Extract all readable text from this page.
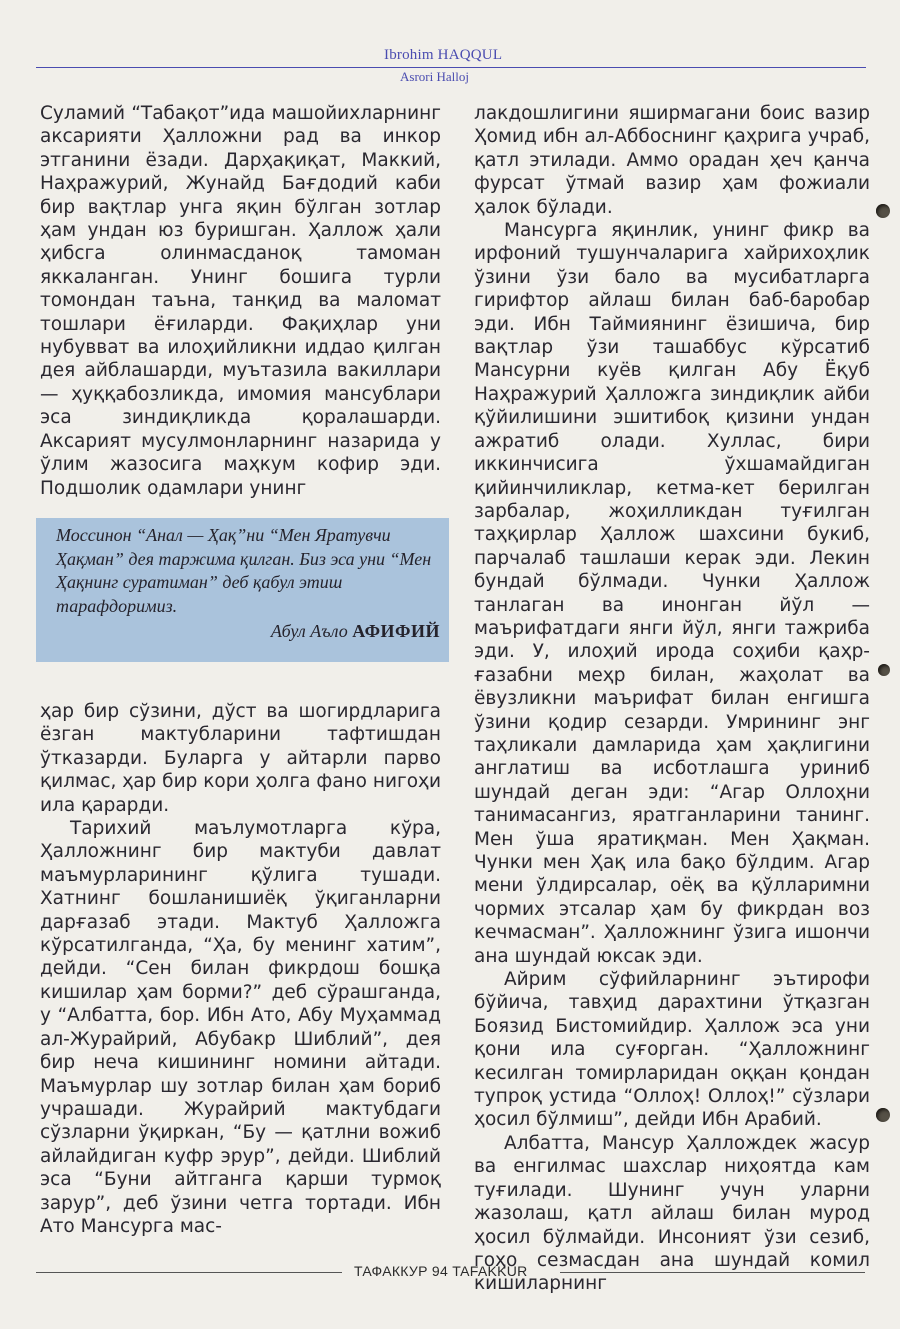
Ibrohim HAQQUL
Asrori Halloj

Суламий “Табақот”ида машойихларнинг аксарияти Ҳалложни рад ва инкор этганини ёзади. Дарҳақиқат, Маккий, Наҳражурий, Жунайд Бағдодий каби бир вақтлар унга яқин бўлган зотлар ҳам ундан юз буришган. Ҳаллож ҳали ҳибсга олинмасданоқ тамоман яккаланган. Унинг бошига турли томондан таъна, танқид ва маломат тошлари ёғиларди. Фақиҳлар уни нубувват ва илоҳийликни иддао қилган дея айблашарди, муътазила вакиллари — ҳуққабозликда, имомия мансублари эса зиндиқликда қоралашарди. Аксарият мусулмонларнинг назарида у ўлим жазосига маҳкум кофир эди. Подшолик одамлари унинг

Моссинон “Анал — Ҳақ”ни “Мен Яратувчи Ҳақман” дея таржима қилган. Биз эса уни “Мен Ҳақнинг суратиман” деб қабул этиш тарафдоримиз.
Абул Аъло АФИФИЙ

ҳар бир сўзини, дўст ва шогирдларига ёзган мактубларини тафтишдан ўтказарди. Буларга у айтарли парво қилмас, ҳар бир кори ҳолга фано нигоҳи ила қарарди.

Тарихий маълумотларга кўра, Ҳалложнинг бир мактуби давлат маъмурларининг қўлига тушади. Хатнинг бошланишиёқ ўқиганларни дарғазаб этади. Мактуб Ҳалложга кўрсатилганда, “Ҳа, бу менинг хатим”, дейди. “Сен билан фикрдош бошқа кишилар ҳам борми?” деб сўрашганда, у “Албатта, бор. Ибн Ато, Абу Муҳаммад ал-Журайрий, Абубакр Шиблий”, дея бир неча кишининг номини айтади. Маъмурлар шу зотлар билан ҳам бориб учрашади. Журайрий мактубдаги сўзларни ўқиркан, “Бу — қатлни вожиб айлайдиган куфр эрур”, дейди. Шиблий эса “Буни айтганга қарши турмоқ зарур”, деб ўзини четга тортади. Ибн Ато Мансурга мас-

лакдошлигини яширмагани боис вазир Ҳомид ибн ал-Аббоснинг қаҳрига учраб, қатл этилади. Аммо орадан ҳеч қанча фурсат ўтмай вазир ҳам фожиали ҳалок бўлади.

Мансурга яқинлик, унинг фикр ва ирфоний тушунчаларига хайрихоҳлик ўзини ўзи бало ва мусибатларга гирифтор айлаш билан баб-баробар эди. Ибн Таймиянинг ёзишича, бир вақтлар ўзи ташаббус кўрсатиб Мансурни куёв қилган Абу Ёқуб Наҳражурий Ҳалложга зиндиқлик айби қўйилишини эшитибоқ қизини ундан ажратиб олади. Хуллас, бири иккинчисига ўхшамайдиган қийинчиликлар, кетма-кет берилган зарбалар, жоҳилликдан туғилган таҳқирлар Ҳаллож шахсини букиб, парчалаб ташлаши керак эди. Лекин бундай бўлмади. Чунки Ҳаллож танлаган ва инонган йўл — маърифатдаги янги йўл, янги тажриба эди. У, илоҳий ирода соҳиби қаҳр-ғазабни меҳр билан, жаҳолат ва ёвузликни маърифат билан енгишга ўзини қодир сезарди. Умрининг энг таҳликали дамларида ҳам ҳақлигини англатиш ва исботлашга уриниб шундай деган эди: “Агар Оллоҳни танимасангиз, яратганларини танинг. Мен ўша яратиқман. Мен Ҳақман. Чунки мен Ҳақ ила бақо бўлдим. Агар мени ўлдирсалар, оёқ ва қўлларимни чормих этсалар ҳам бу фикрдан воз кечмасман”. Ҳалложнинг ўзига ишончи ана шундай юксак эди.

Айрим сўфийларнинг эътирофи бўйича, тавҳид дарахтини ўтқазган Боязид Бистомийдир. Ҳаллож эса уни қони ила суғорган. “Ҳалложнинг кесилган томирларидан оққан қондан тупроқ устида “Оллоҳ! Оллоҳ!” сўзлари ҳосил бўлмиш”, дейди Ибн Арабий.

Албатта, Мансур Ҳаллождек жасур ва енгилмас шахслар ниҳоятда кам туғилади. Шунинг учун уларни жазолаш, қатл айлаш билан мурод ҳосил бўлмайди. Инсоният ўзи сезиб, гоҳо сезмасдан ана шундай комил кишиларнинг

ТАФАККУР 94 TAFAKKUR
